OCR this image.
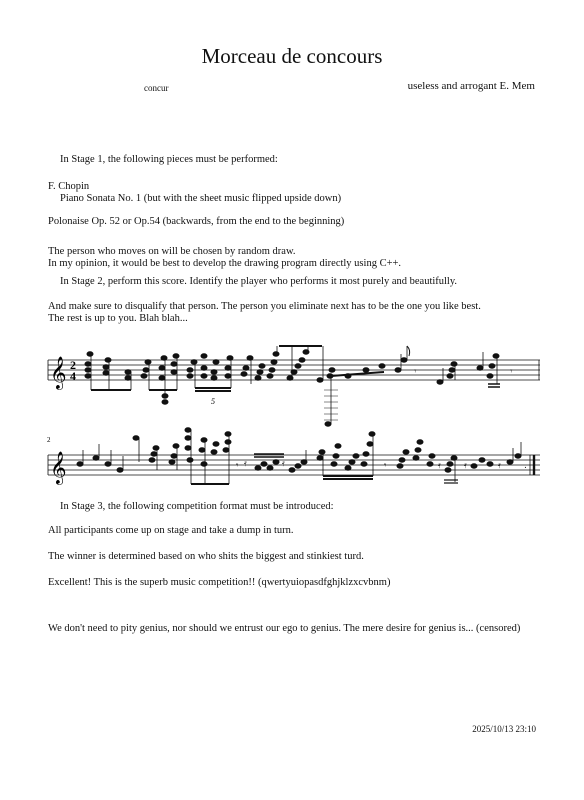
Morceau de concours
concur	useless and arrogant E. Mem
In Stage 1, the following pieces must be performed:
F. Chopin
Piano Sonata No. 1 (but with the sheet music flipped upside down)
Polonaise Op. 52 or Op.54 (backwards, from the end to the beginning)
The person who moves on will be chosen by random draw.
In my opinion, it would be best to develop the drawing program directly using C++.
In Stage 2, perform this score. Identify the player who performs it most purely and beautifully.
And make sure to disqualify that person. The person you eliminate next has to be the one you like best.
The rest is up to you. Blah blah...
𝄞 2
4	𝄾	𝄾
5
2
𝄞	𝄾 𝄿	𝄿	𝄾	𝄿	𝄿	𝄿	.
In Stage 3, the following competition format must be introduced:
All participants come up on stage and take a dump in turn.
The winner is determined based on who shits the biggest and stinkiest turd.
Excellent! This is the superb music competition!! (qwertyuiopasdfghjklzxcvbnm)
We don't need to pity genius, nor should we entrust our ego to genius. The mere desire for genius is... (censored)
2025/10/13 23:10
